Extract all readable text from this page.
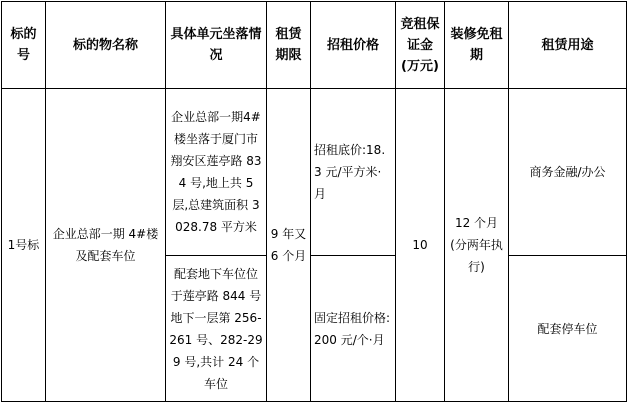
标的号	标的物名称	具体单元坐落情况	租赁期限	招租价格	竞租保证金(万元)	装修免租期	租赁用途
1号标	企业总部一期 4#楼及配套车位	企业总部一期4#楼坐落于厦门市翔安区莲亭路 834 号,地上共 5 层,总建筑面积 3028.78 平方米	9 年又 6 个月	招租底价:18.3 元/平方米·月	10	12 个月(分两年执行)	商务金融/办公
		配套地下车位位于莲亭路 844 号地下一层第 256-261 号、282-299 号,共计 24 个车位		固定招租价格:200 元/个·月			配套停车位
